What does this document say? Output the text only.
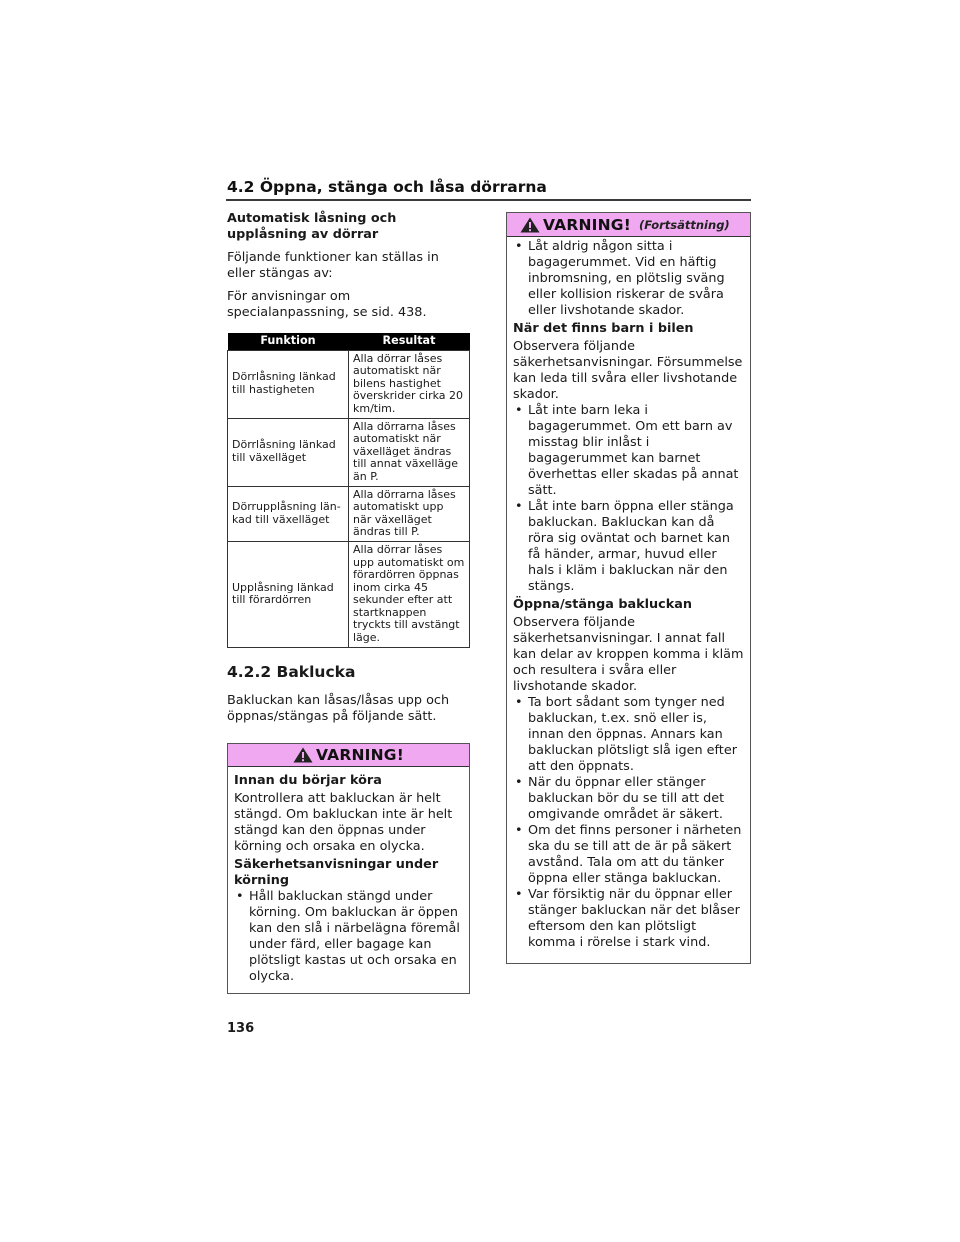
4.2 Öppna, stänga och låsa dörrarna

Automatisk låsning och upplåsning av dörrar

Följande funktioner kan ställas in eller stängas av:

För anvisningar om specialanpassning, se sid. 438.

Funktion	Resultat
Dörrlåsning länkad till hastigheten	Alla dörrar låses automatiskt när bilens hastighet överskrider cirka 20 km/tim.
Dörrlåsning länkad till växelläget	Alla dörrarna låses automatiskt när växelläget ändras till annat växelläge än P.
Dörrupplåsning län-kad till växelläget	Alla dörrarna låses automatiskt upp när växelläget ändras till P.
Upplåsning länkad till förardörren	Alla dörrar låses upp automatiskt om förardörren öppnas inom cirka 45 sekunder efter att startknappen tryckts till avstängt läge.
4.2.2 Baklucka

Bakluckan kan låsas/låsas upp och öppnas/stängas på följande sätt.

VARNING!

Innan du börjar köra

Kontrollera att bakluckan är helt stängd. Om bakluckan inte är helt stängd kan den öppnas under körning och orsaka en olycka.

Säkerhetsanvisningar under körning

• Håll bakluckan stängd under körning. Om bakluckan är öppen kan den slå i närbelägna föremål under färd, eller bagage kan plötsligt kastas ut och orsaka en olycka.
VARNING! (Fortsättning)
• Låt aldrig någon sitta i bagagerummet. Vid en häftig inbromsning, en plötslig sväng eller kollision riskerar de svåra eller livshotande skador.

När det finns barn i bilen

Observera följande säkerhetsanvisningar. Försummelse kan leda till svåra eller livshotande skador.

• Låt inte barn leka i bagagerummet. Om ett barn av misstag blir inlåst i bagagerummet kan barnet överhettas eller skadas på annat sätt.
• Låt inte barn öppna eller stänga bakluckan. Bakluckan kan då röra sig oväntat och barnet kan få händer, armar, huvud eller hals i kläm i bakluckan när den stängs.

Öppna/stänga bakluckan

Observera följande säkerhetsanvisningar. I annat fall kan delar av kroppen komma i kläm och resultera i svåra eller livshotande skador.

• Ta bort sådant som tynger ned bakluckan, t.ex. snö eller is, innan den öppnas. Annars kan bakluckan plötsligt slå igen efter att den öppnats.
• När du öppnar eller stänger bakluckan bör du se till att det omgivande området är säkert.
• Om det finns personer i närheten ska du se till att de är på säkert avstånd. Tala om att du tänker öppna eller stänga bakluckan.
• Var försiktig när du öppnar eller stänger bakluckan när det blåser eftersom den kan plötsligt komma i rörelse i stark vind.
136
